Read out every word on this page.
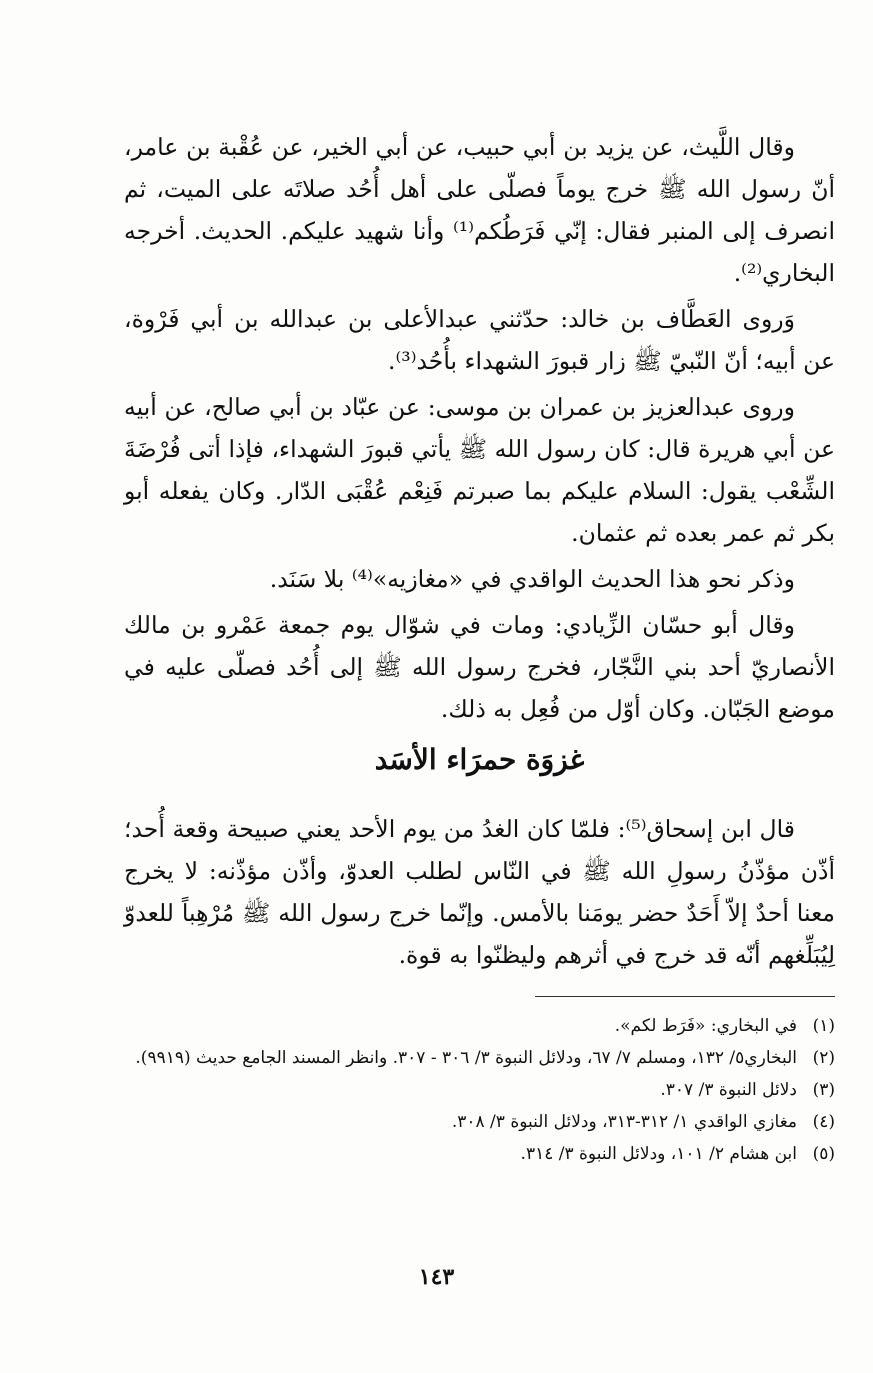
وقال اللَّيث، عن يزيد بن أبي حبيب، عن أبي الخير، عن عُقْبة بن عامر، أنّ رسول الله ﷺ خرج يوماً فصلّى على أهل أُحُد صلاتَه على الميت، ثم انصرف إلى المنبر فقال: إنّي فَرَطُكم⁽¹⁾ وأنا شهيد عليكم. الحديث. أخرجه البخاري⁽²⁾.

وَروى العَطَّاف بن خالد: حدّثني عبدالأعلى بن عبدالله بن أبي فَرْوة، عن أبيه؛ أنّ النّبيّ ﷺ زار قبورَ الشهداء بأُحُد⁽³⁾.

وروى عبدالعزيز بن عمران بن موسى: عن عبّاد بن أبي صالح، عن أبيه عن أبي هريرة قال: كان رسول الله ﷺ يأتي قبورَ الشهداء، فإذا أتى فُرْضَةَ الشِّعْب يقول: السلام عليكم بما صبرتم فَنِعْم عُقْبَى الدّار. وكان يفعله أبو بكر ثم عمر بعده ثم عثمان.

وذكر نحو هذا الحديث الواقدي في «مغازيه»⁽⁴⁾ بلا سَنَد.

وقال أبو حسّان الزِّيادي: ومات في شوّال يوم جمعة عَمْرو بن مالك الأنصاريّ أحد بني النَّجّار، فخرج رسول الله ﷺ إلى أُحُد فصلّى عليه في موضع الجَبّان. وكان أوّل من فُعِل به ذلك.

غزوَة حمرَاء الأسَد

قال ابن إسحاق⁽⁵⁾: فلمّا كان الغدُ من يوم الأحد يعني صبيحة وقعة أُحد؛ أذّن مؤذّنُ رسولِ الله ﷺ في النّاس لطلب العدوّ، وأذّن مؤذّنه: لا يخرج معنا أحدٌ إلاّ أَحَدٌ حضر يومَنا بالأمس. وإنّما خرج رسول الله ﷺ مُرْهِباً للعدوّ لِيُبَلِّغهم أنّه قد خرج في أثرهم وليظنّوا به قوة.

(١)
في البخاري: «فَرَط لكم».
(٢)
البخاري٥/ ١٣٢، ومسلم ٧/ ٦٧، ودلائل النبوة ٣/ ٣٠٦ - ٣٠٧. وانظر المسند الجامع حديث (٩٩١٩).
(٣)
دلائل النبوة ٣/ ٣٠٧.
(٤)
مغازي الواقدي ١/ ٣١٢-٣١٣، ودلائل النبوة ٣/ ٣٠٨.
(٥)
ابن هشام ٢/ ١٠١، ودلائل النبوة ٣/ ٣١٤.
١٤٣
